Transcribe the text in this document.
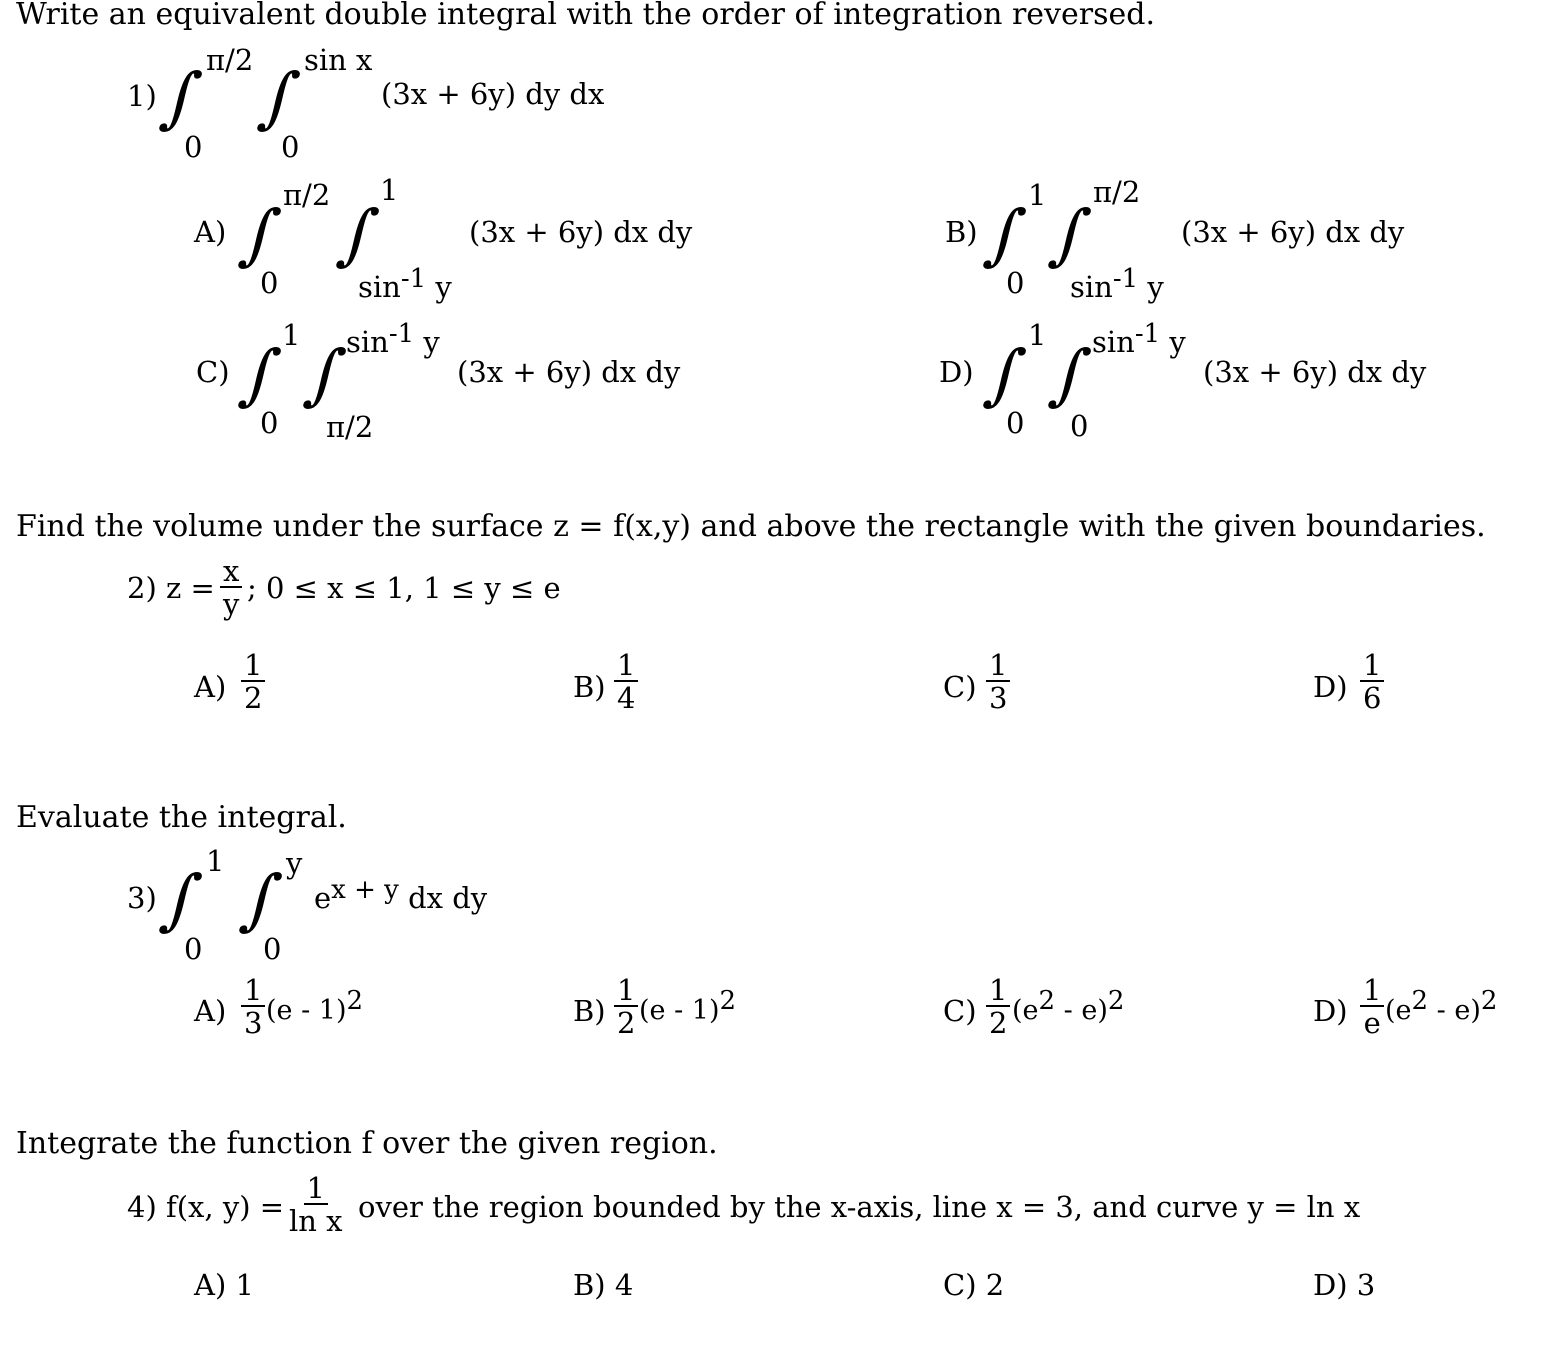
Write an equivalent double integral with the order of integration reversed.
1) ∫ ∫
π/2
0
sin x
0
(3x + 6y) dy dx
A) ∫ ∫
π/2
0
1
$\sin^{-1} y$
(3x + 6y) dx dy	B) ∫ ∫
1
0
π/2
$\sin^{-1} y$
(3x + 6y) dx dy
C) ∫ ∫
1
0
$\sin^{-1} y$
π/2
(3x + 6y) dx dy	D) ∫ ∫
1
0
$\sin^{-1} y$
0
(3x + 6y) dx dy
Find the volume under the surface z = f(x,y) and above the rectangle with the given boundaries.
2) $z = \frac{x}{y}$ ; 0 ≤ x ≤ 1, 1 ≤ y ≤ e
$A) \frac{1}{2}$	$B) \frac{1}{4}$	$C) \frac{1}{3}$	$D) \frac{1}{6}$
Evaluate the integral.
3) ∫ ∫
1
0
y
0
$e^{x + y}$ dx dy
$A) \frac{1}{3} (e - 1)^2$	$B) \frac{1}{2} (e - 1)^2$	$C) \frac{1}{2} (e^2 - e)^2$	$D) \frac{1}{e} (e^2 - e)^2$
Integrate the function f over the given region.
4) f(x, $y) = \frac{1}{\text{ln x}}$ over the region bounded by the x-axis, line x = 3, and curve y = ln x
A) 1	B) 4	C) 2	D) 3
